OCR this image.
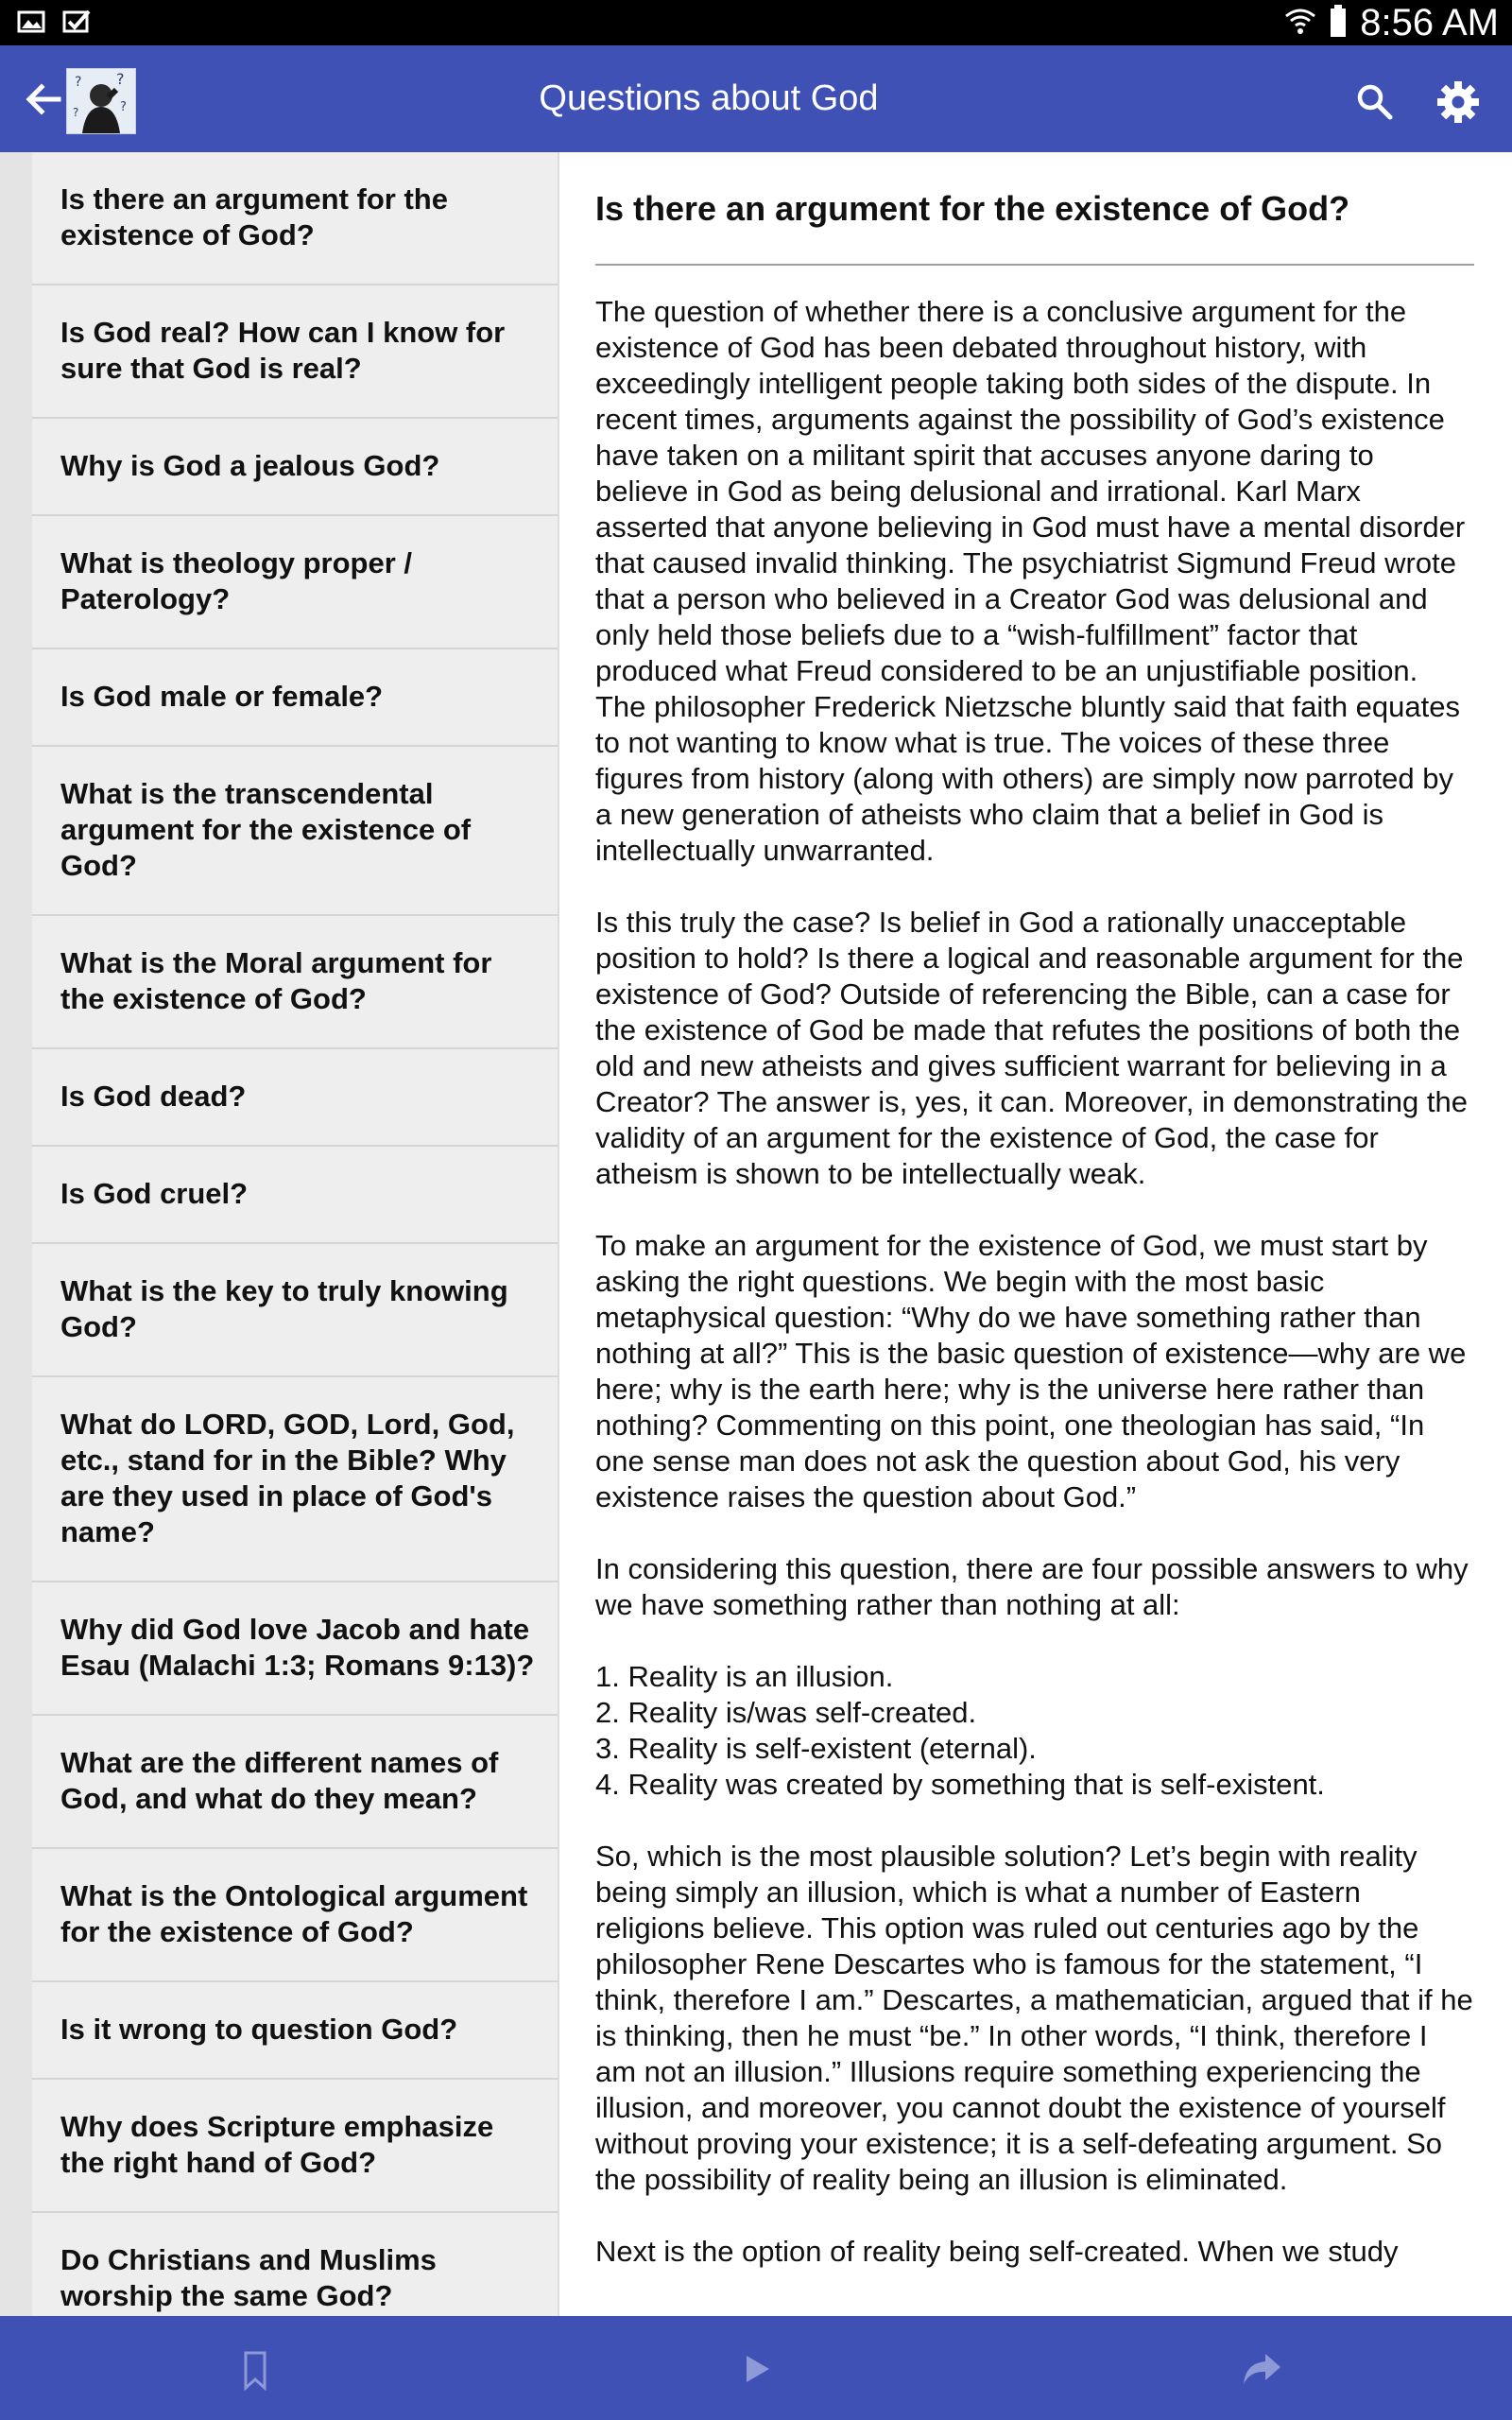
8:56 AM
? ?
?
?	Questions about God
Is there an argument for the existence of God?
Is God real? How can I know for sure that God is real?
Why is God a jealous God?
What is theology proper / Paterology?
Is God male or female?
What is the transcendental argument for the existence of God?
What is the Moral argument for the existence of God?
Is God dead?
Is God cruel?
What is the key to truly knowing God?
What do LORD, GOD, Lord, God, etc., stand for in the Bible? Why are they used in place of God's name?
Why did God love Jacob and hate Esau (Malachi 1:3; Romans 9:13)?
What are the different names of God, and what do they mean?
What is the Ontological argument for the existence of God?
Is it wrong to question God?
Why does Scripture emphasize the right hand of God?
Do Christians and Muslims worship the same God?
Is there an argument for the existence of God?

The question of whether there is a conclusive argument for the existence of God has been debated throughout history, with exceedingly intelligent people taking both sides of the dispute. In recent times, arguments against the possibility of God’s existence have taken on a militant spirit that accuses anyone daring to believe in God as being delusional and irrational. Karl Marx asserted that anyone believing in God must have a mental disorder that caused invalid thinking. The psychiatrist Sigmund Freud wrote that a person who believed in a Creator God was delusional and only held those beliefs due to a “wish-fulfillment” factor that produced what Freud considered to be an unjustifiable position. The philosopher Frederick Nietzsche bluntly said that faith equates to not wanting to know what is true. The voices of these three figures from history (along with others) are simply now parroted by a new generation of atheists who claim that a belief in God is intellectually unwarranted.

Is this truly the case? Is belief in God a rationally unacceptable position to hold? Is there a logical and reasonable argument for the existence of God? Outside of referencing the Bible, can a case for the existence of God be made that refutes the positions of both the old and new atheists and gives sufficient warrant for believing in a Creator? The answer is, yes, it can. Moreover, in demonstrating the validity of an argument for the existence of God, the case for atheism is shown to be intellectually weak.

To make an argument for the existence of God, we must start by asking the right questions. We begin with the most basic metaphysical question: “Why do we have something rather than nothing at all?” This is the basic question of existence—why are we here; why is the earth here; why is the universe here rather than nothing? Commenting on this point, one theologian has said, “In one sense man does not ask the question about God, his very existence raises the question about God.”

In considering this question, there are four possible answers to why we have something rather than nothing at all:

1. Reality is an illusion.
2. Reality is/was self-created.
3. Reality is self-existent (eternal).
4. Reality was created by something that is self-existent.

So, which is the most plausible solution? Let’s begin with reality being simply an illusion, which is what a number of Eastern religions believe. This option was ruled out centuries ago by the philosopher Rene Descartes who is famous for the statement, “I think, therefore I am.” Descartes, a mathematician, argued that if he is thinking, then he must “be.” In other words, “I think, therefore I am not an illusion.” Illusions require something experiencing the illusion, and moreover, you cannot doubt the existence of yourself without proving your existence; it is a self-defeating argument. So the possibility of reality being an illusion is eliminated.

Next is the option of reality being self-created. When we study
